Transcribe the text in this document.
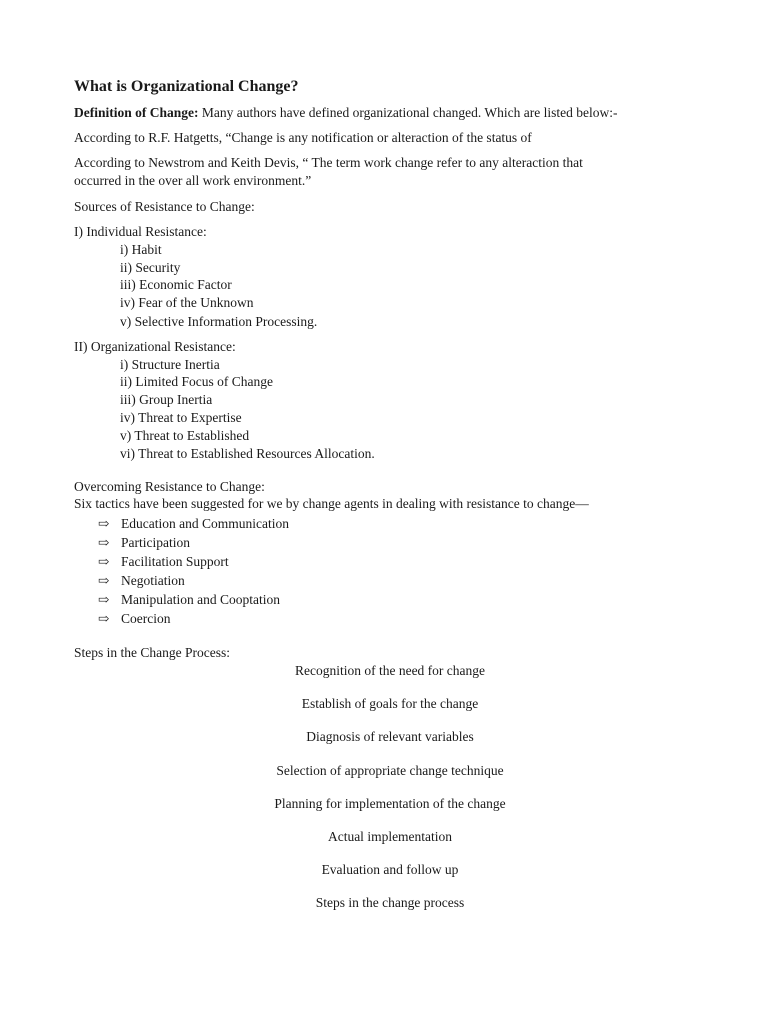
What is Organizational Change?
Definition of Change: Many authors have defined organizational changed. Which are listed below:-
According to R.F. Hatgetts, “Change is any notification or alteraction of the status of
According to Newstrom and Keith Devis, “ The term work change refer to any alteraction that
occurred in the over all work environment.”
Sources of Resistance to Change:
I) Individual Resistance:
i) Habit
ii) Security
iii) Economic Factor
iv) Fear of the Unknown
v) Selective Information Processing.
II) Organizational Resistance:
i) Structure Inertia
ii) Limited Focus of Change
iii) Group Inertia
iv) Threat to Expertise
v) Threat to Established
vi) Threat to Established Resources Allocation.
Overcoming Resistance to Change:
Six tactics have been suggested for we by change agents in dealing with resistance to change—
⇨ Education and Communication
⇨ Participation
⇨ Facilitation Support
⇨ Negotiation
⇨ Manipulation and Cooptation
⇨ Coercion
Steps in the Change Process:
Recognition of the need for change
Establish of goals for the change
Diagnosis of relevant variables
Selection of appropriate change technique
Planning for implementation of the change
Actual implementation
Evaluation and follow up
Steps in the change process
